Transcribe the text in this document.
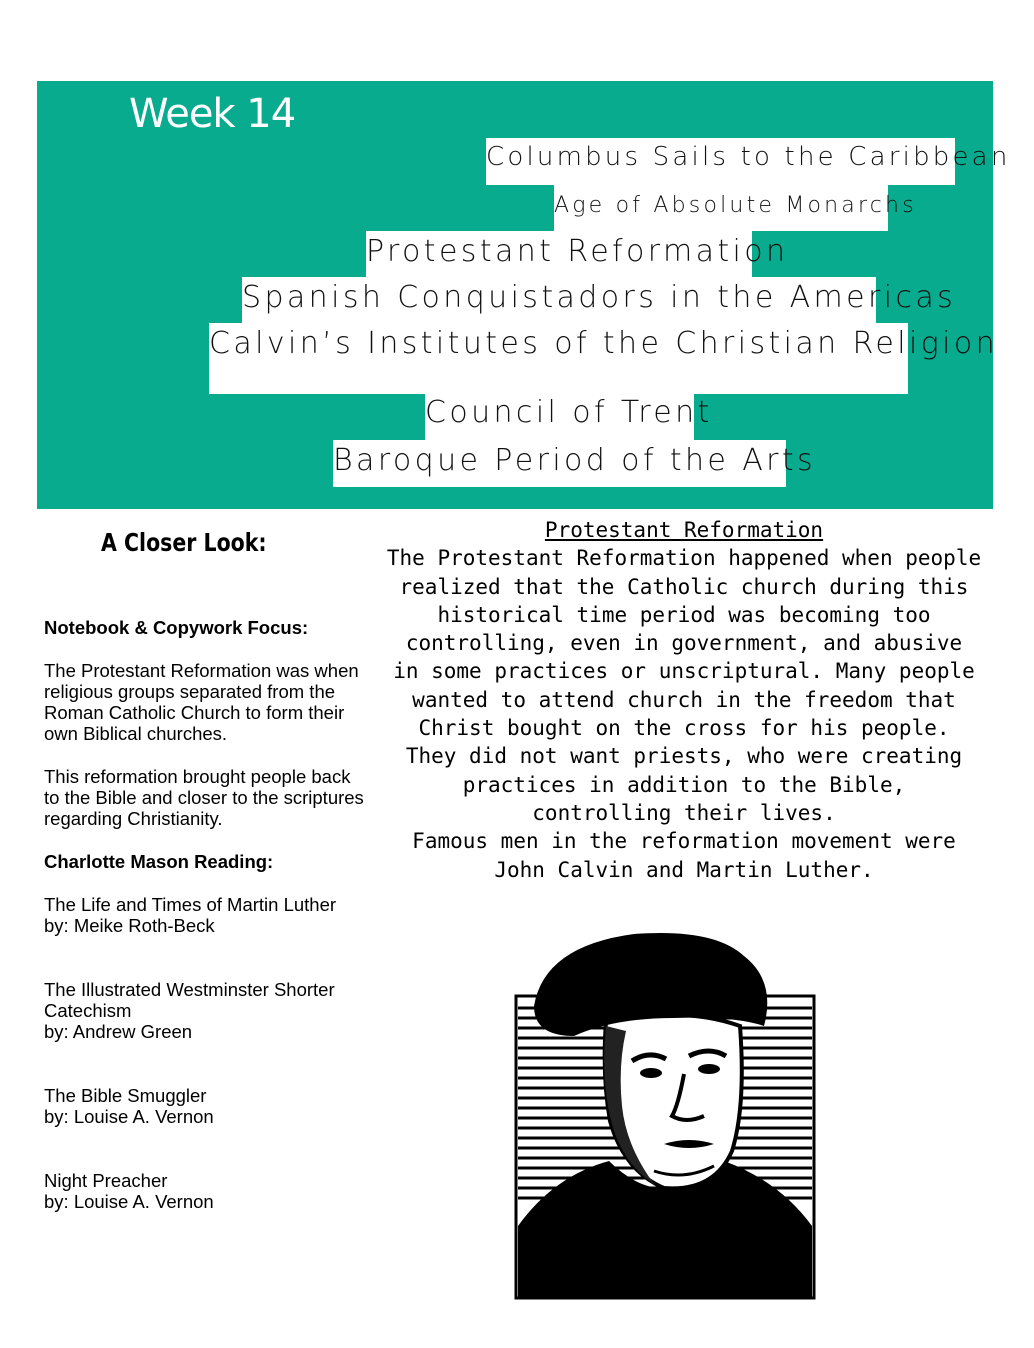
Week 14
Columbus Sails to the Caribbean
Age of Absolute Monarchs
Protestant Reformation
Spanish Conquistadors in the Americas
Calvin’s Institutes of the Christian Religion
Council of Trent
Baroque Period of the Arts
A Closer Look:

Notebook & Copywork Focus:

The Protestant Reformation was when religious groups separated from the Roman Catholic Church to form their own Biblical churches.

This reformation brought people back to the Bible and closer to the scriptures regarding Christianity.

Charlotte Mason Reading:

The Life and Times of Martin Luther

by: Meike Roth-Beck

The Illustrated Westminster Shorter Catechism

by: Andrew Green

The Bible Smuggler

by: Louise A. Vernon

Night Preacher

by: Louise A. Vernon

Protestant Reformation
The Protestant Reformation happened when people
realized that the Catholic church during this
historical time period was becoming too
controlling, even in government, and abusive
in some practices or unscriptural. Many people
wanted to attend church in the freedom that
Christ bought on the cross for his people.
They did not want priests, who were creating
practices in addition to the Bible,
controlling their lives.
Famous men in the reformation movement were
John Calvin and Martin Luther.
